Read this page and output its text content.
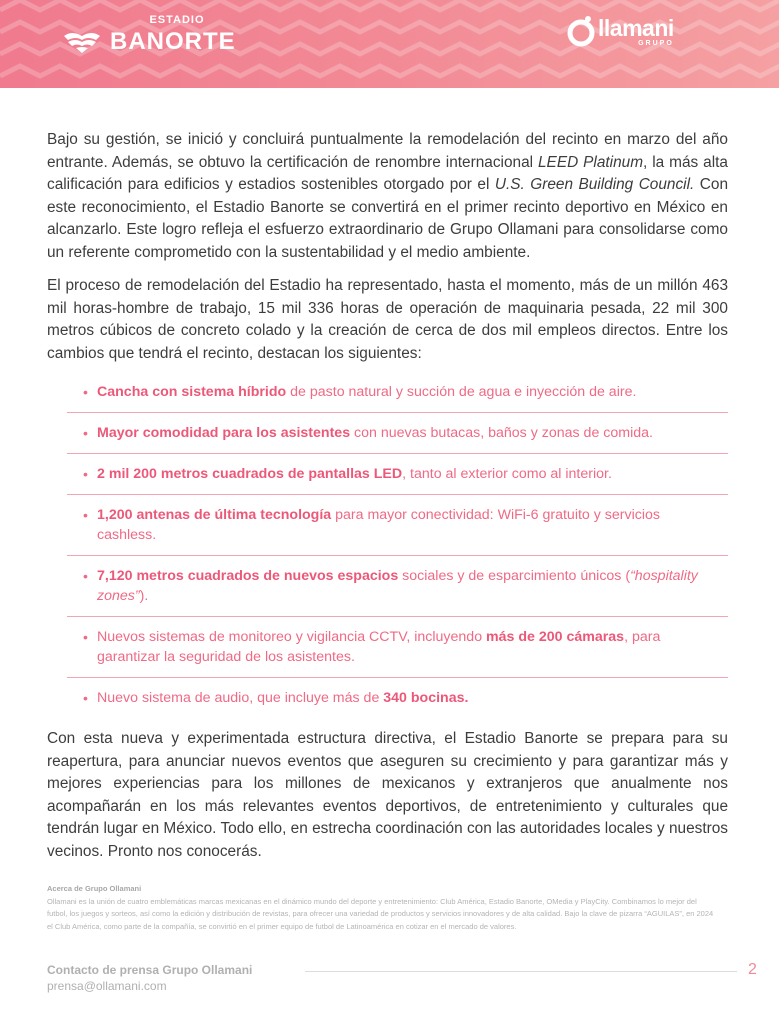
ESTADIO
BANORTE
llamani
GRUPO

Bajo su gestión, se inició y concluirá puntualmente la remodelación del recinto en marzo del año entrante. Además, se obtuvo la certificación de renombre internacional LEED Platinum, la más alta calificación para edificios y estadios sostenibles otorgado por el U.S. Green Building Council. Con este reconocimiento, el Estadio Banorte se convertirá en el primer recinto deportivo en México en alcanzarlo. Este logro refleja el esfuerzo extraordinario de Grupo Ollamani para consolidarse como un referente comprometido con la sustentabilidad y el medio ambiente.

El proceso de remodelación del Estadio ha representado, hasta el momento, más de un millón 463 mil horas-hombre de trabajo, 15 mil 336 horas de operación de maquinaria pesada, 22 mil 300 metros cúbicos de concreto colado y la creación de cerca de dos mil empleos directos. Entre los cambios que tendrá el recinto, destacan los siguientes:

• Cancha con sistema híbrido de pasto natural y succión de agua e inyección de aire.
• Mayor comodidad para los asistentes con nuevas butacas, baños y zonas de comida.
• 2 mil 200 metros cuadrados de pantallas LED, tanto al exterior como al interior.
• 1,200 antenas de última tecnología para mayor conectividad: WiFi-6 gratuito y servicios cashless.
• 7,120 metros cuadrados de nuevos espacios sociales y de esparcimiento únicos (“hospitality zones”).
• Nuevos sistemas de monitoreo y vigilancia CCTV, incluyendo más de 200 cámaras, para garantizar la seguridad de los asistentes.
• Nuevo sistema de audio, que incluye más de 340 bocinas.

Con esta nueva y experimentada estructura directiva, el Estadio Banorte se prepara para su reapertura, para anunciar nuevos eventos que aseguren su crecimiento y para garantizar más y mejores experiencias para los millones de mexicanos y extranjeros que anualmente nos acompañarán en los más relevantes eventos deportivos, de entretenimiento y culturales que tendrán lugar en México. Todo ello, en estrecha coordinación con las autoridades locales y nuestros vecinos. Pronto nos conocerás.

Acerca de Grupo Ollamani
Ollamani es la unión de cuatro emblemáticas marcas mexicanas en el dinámico mundo del deporte y entretenimiento: Club América, Estadio Banorte, OMedia y PlayCity. Combinamos lo mejor del futbol, los juegos y sorteos, así como la edición y distribución de revistas, para ofrecer una variedad de productos y servicios innovadores y de alta calidad. Bajo la clave de pizarra “AGUILAS”, en 2024 el Club América, como parte de la compañía, se convirtió en el primer equipo de futbol de Latinoamérica en cotizar en el mercado de valores.
Contacto de prensa Grupo Ollamani
prensa@ollamani.com
2
